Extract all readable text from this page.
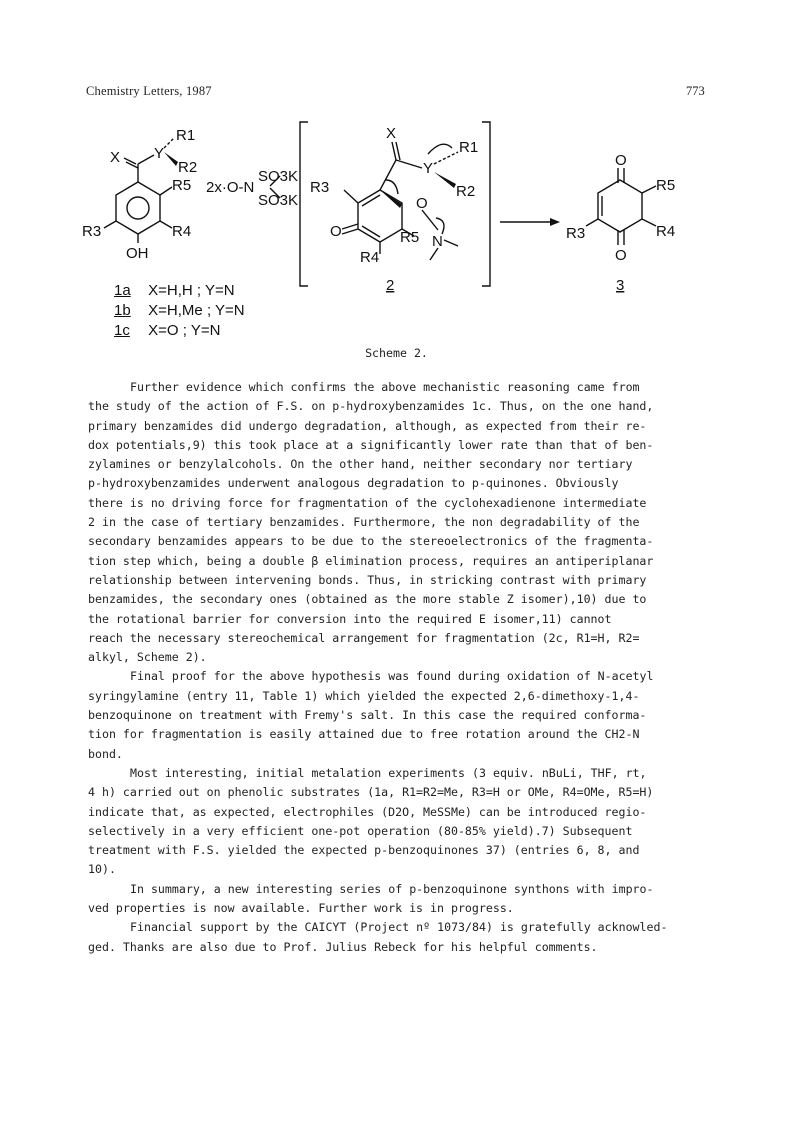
Chemistry Letters, 1987	773
X Y
R1
R2
R5
R4
R3
OH
2x·O-N
SO3K
SO3K
X
Y
R1
R2
R3
O
O
R5 N
R4
O
O
R5
R4
R3
2	3
1a X=H,H ; Y=N
1b X=H,Me ; Y=N
1c X=O ; Y=N
Scheme 2.
Further evidence which confirms the above mechanistic reasoning came from
the study of the action of F.S. on p-hydroxybenzamides 1c. Thus, on the one hand,
primary benzamides did undergo degradation, although, as expected from their re-
dox potentials,9) this took place at a significantly lower rate than that of ben-
zylamines or benzylalcohols. On the other hand, neither secondary nor tertiary
p-hydroxybenzamides underwent analogous degradation to p-quinones. Obviously
there is no driving force for fragmentation of the cyclohexadienone intermediate
2 in the case of tertiary benzamides. Furthermore, the non degradability of the
secondary benzamides appears to be due to the stereoelectronics of the fragmenta-
tion step which, being a double β elimination process, requires an antiperiplanar
relationship between intervening bonds. Thus, in stricking contrast with primary
benzamides, the secondary ones (obtained as the more stable Z isomer),10) due to
the rotational barrier for conversion into the required E isomer,11) cannot
reach the necessary stereochemical arrangement for fragmentation (2c, R1=H, R2=
alkyl, Scheme 2).
Final proof for the above hypothesis was found during oxidation of N-acetyl
syringylamine (entry 11, Table 1) which yielded the expected 2,6-dimethoxy-1,4-
benzoquinone on treatment with Fremy's salt. In this case the required conforma-
tion for fragmentation is easily attained due to free rotation around the CH2-N
bond.
Most interesting, initial metalation experiments (3 equiv. nBuLi, THF, rt,
4 h) carried out on phenolic substrates (1a, R1=R2=Me, R3=H or OMe, R4=OMe, R5=H)
indicate that, as expected, electrophiles (D2O, MeSSMe) can be introduced regio-
selectively in a very efficient one-pot operation (80-85% yield).7) Subsequent
treatment with F.S. yielded the expected p-benzoquinones 37) (entries 6, 8, and
10).
In summary, a new interesting series of p-benzoquinone synthons with impro-
ved properties is now available. Further work is in progress.
Financial support by the CAICYT (Project nº 1073/84) is gratefully acknowled-
ged. Thanks are also due to Prof. Julius Rebeck for his helpful comments.
